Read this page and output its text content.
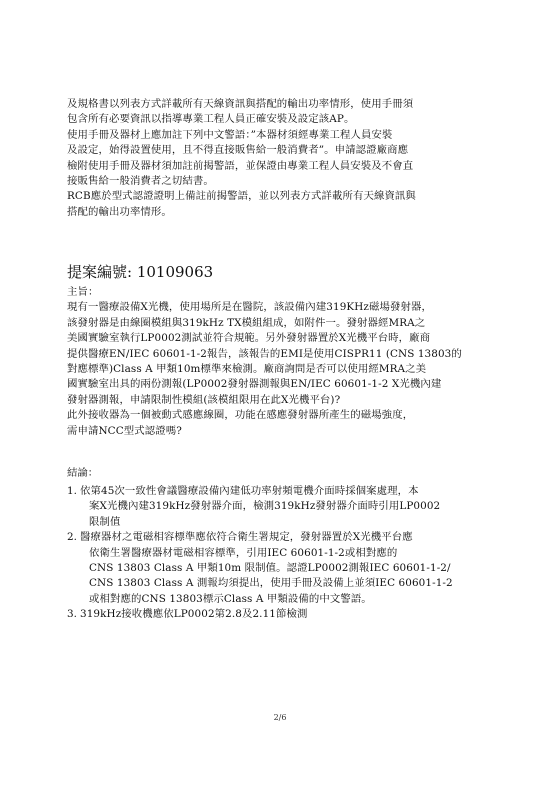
及規格書以列表方式詳載所有天線資訊與搭配的輸出功率情形，使用手冊須
包含所有必要資訊以指導專業工程人員正確安裝及設定該AP。
使用手冊及器材上應加註下列中文警語：”本器材須經專業工程人員安裝
及設定，始得設置使用，且不得直接販售給一般消費者”。申請認證廠商應
檢附使用手冊及器材須加註前揭警語，並保證由專業工程人員安裝及不會直
接販售給一般消費者之切結書。
RCB應於型式認證證明上備註前揭警語，並以列表方式詳載所有天線資訊與
搭配的輸出功率情形。
提案編號: 10109063
主旨：
現有一醫療設備X光機，使用場所是在醫院，該設備內建319KHz磁場發射器，
該發射器是由線圈模組與319kHz TX模組組成，如附件一。發射器經MRA之
美國實驗室執行LP0002測試並符合規範。另外發射器置於X光機平台時，廠商
提供醫療EN/IEC 60601-1-2報告，該報告的EMI是使用CISPR11 (CNS 13803的
對應標準)Class A 甲類10m標準來檢測。廠商詢問是否可以使用經MRA之美
國實驗室出具的兩份測報(LP0002發射器測報與EN/IEC 60601-1-2 X光機內建
發射器測報，申請限制性模組(該模組限用在此X光機平台)?
此外接收器為一個被動式感應線圈，功能在感應發射器所產生的磁場強度，
需申請NCC型式認證嗎?
結論：
1. 依第45次一致性會議醫療設備內建低功率射頻電機介面時採個案處理，本
案X光機內建319kHz發射器介面，檢測319kHz發射器介面時引用LP0002
限制值
2. 醫療器材之電磁相容標準應依符合衛生署規定，發射器置於X光機平台應
依衛生署醫療器材電磁相容標準，引用IEC 60601-1-2或相對應的
CNS 13803 Class A 甲類10m 限制值。認證LP0002測報IEC 60601-1-2/
CNS 13803 Class A 測報均須提出，使用手冊及設備上並須IEC 60601-1-2
或相對應的CNS 13803標示Class A 甲類設備的中文警語。
3. 319kHz接收機應依LP0002第2.8及2.11節檢測
2/6
